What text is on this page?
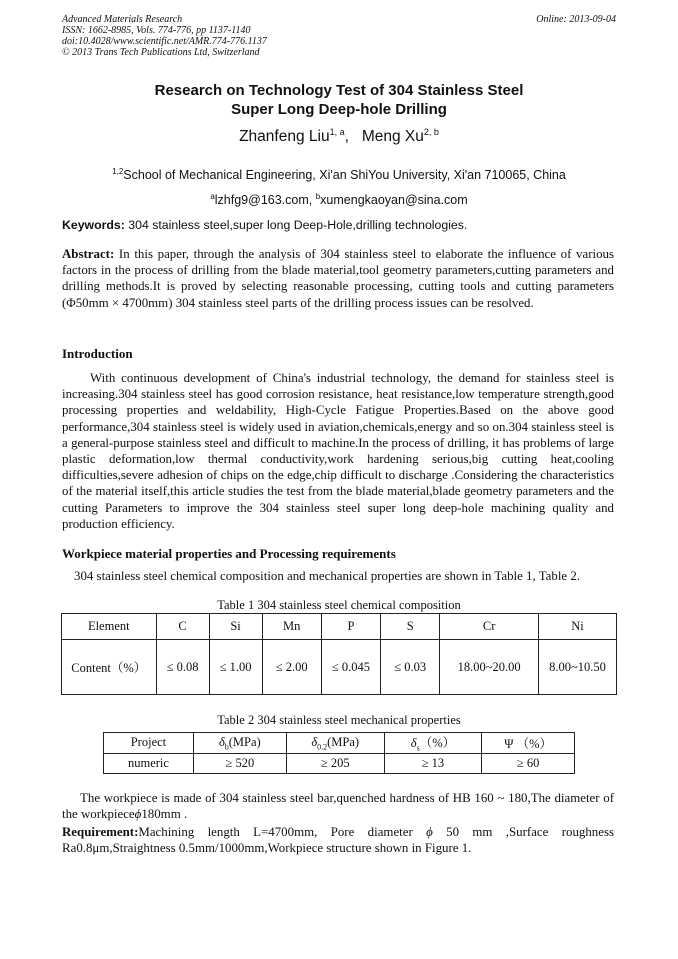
Advanced Materials Research
ISSN: 1662-8985, Vols. 774-776, pp 1137-1140
doi:10.4028/www.scientific.net/AMR.774-776.1137
© 2013 Trans Tech Publications Ltd, Switzerland
Online: 2013-09-04
Research on Technology Test of 304 Stainless Steel
Super Long Deep-hole Drilling
Zhanfeng Liu$^{1, a}$,   Meng Xu$^{2, b}$
$^{1,2}$School of Mechanical Engineering, Xi'an ShiYou University, Xi'an 710065, China
$^a$lzhfg9@163.com, $^b$xumengkaoyan@sina.com
Keywords: 304 stainless steel,super long Deep-Hole,drilling technologies.

Abstract: In this paper, through the analysis of 304 stainless steel to elaborate the influence of various factors in the process of drilling from the blade material,tool geometry parameters,cutting parameters and drilling methods.It is proved by selecting reasonable processing, cutting tools and cutting parameters (Φ50mm × 4700mm) 304 stainless steel parts of the drilling process issues can be resolved.

Introduction

With continuous development of China's industrial technology, the demand for stainless steel is increasing.304 stainless steel has good corrosion resistance, heat resistance,low temperature strength,good processing properties and weldability, High-Cycle Fatigue Properties.Based on the above good performance,304 stainless steel is widely used in aviation,chemicals,energy and so on.304 stainless steel is a general-purpose stainless steel and difficult to machine.In the process of drilling, it has problems of large plastic deformation,low thermal conductivity,work hardening serious,big cutting heat,cooling difficulties,severe adhesion of chips on the edge,chip difficult to discharge .Considering the characteristics of the material itself,this article studies the test from the blade material,blade geometry parameters and the cutting Parameters to improve the 304 stainless steel super long deep-hole machining quality and production efficiency.

Workpiece material properties and Processing requirements
304 stainless steel chemical composition and mechanical properties are shown in Table 1, Table 2.
Table 1 304 stainless steel chemical composition
Element	C	Si	Mn	P	S	Cr	Ni
Content（%）	≤ 0.08	≤ 1.00	≤ 2.00	≤ 0.045	≤ 0.03	18.00~20.00	8.00~10.50
Table 2 304 stainless steel mechanical properties
Project	$\delta_b(MPa)$	$\delta_{0.2}(MPa)$	$\delta_s(\%)$	Ψ （%）
numeric	≥ 520	≥ 205	≥ 13	≥ 60

The workpiece is made of 304 stainless steel bar,quenched hardness of HB 160 ~ 180,The diameter of the workpieceϕ180mm .

Requirement:Machining length L=4700mm, Pore diameter ϕ 50 mm ,Surface roughness Ra0.8μm,Straightness 0.5mm/1000mm,Workpiece structure shown in Figure 1.
